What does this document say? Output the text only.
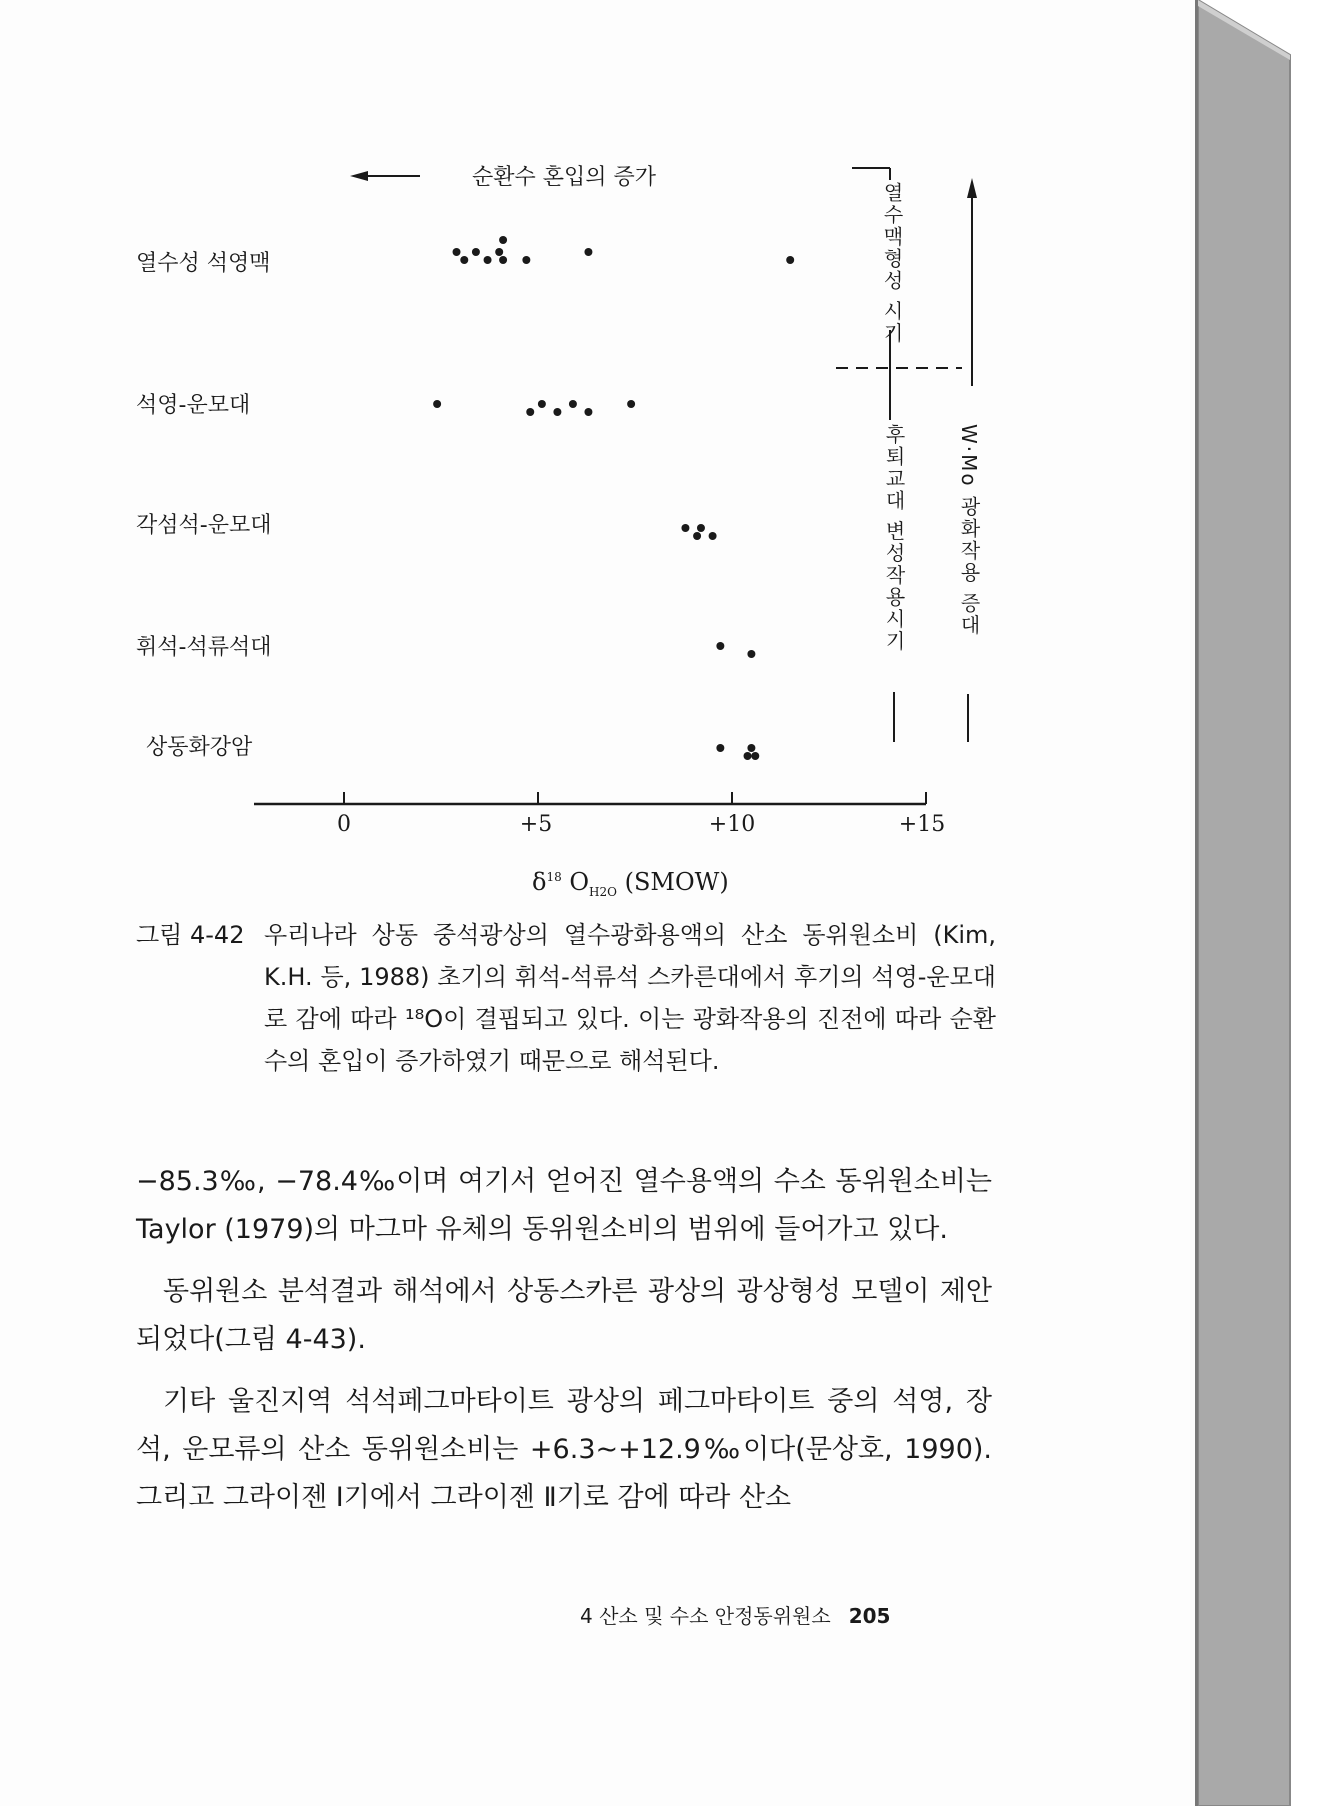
순환수 혼입의 증가
열수성 석영맥
석영-운모대
각섬석-운모대
휘석-석류석대
상동화강암
열수맥형성 시기
후퇴교대 변성작용시기	W·Mo 광화작용 증대
0	+5	+10	+15
$\delta^{18}$ $O_{H2O}$ (SMOW)
그림 4-42 우리나라 상동 중석광상의 열수광화용액의 산소 동위원소비 (Kim, K.H. 등, 1988) 초기의 휘석-석류석 스카른대에서 후기의 석영-운모대로 감에 따라 ¹⁸O이 결핍되고 있다. 이는 광화작용의 진전에 따라 순환수의 혼입이 증가하였기 때문으로 해석된다.

−85.3‰, −78.4‰이며 여기서 얻어진 열수용액의 수소 동위원소비는 Taylor (1979)의 마그마 유체의 동위원소비의 범위에 들어가고 있다.

동위원소 분석결과 해석에서 상동스카른 광상의 광상형성 모델이 제안되었다(그림 4-43).

기타 울진지역 석석페그마타이트 광상의 페그마타이트 중의 석영, 장석, 운모류의 산소 동위원소비는 +6.3∼+12.9‰이다(문상호, 1990). 그리고 그라이젠 Ⅰ기에서 그라이젠 Ⅱ기로 감에 따라 산소

4 산소 및 수소 안정동위원소 205
